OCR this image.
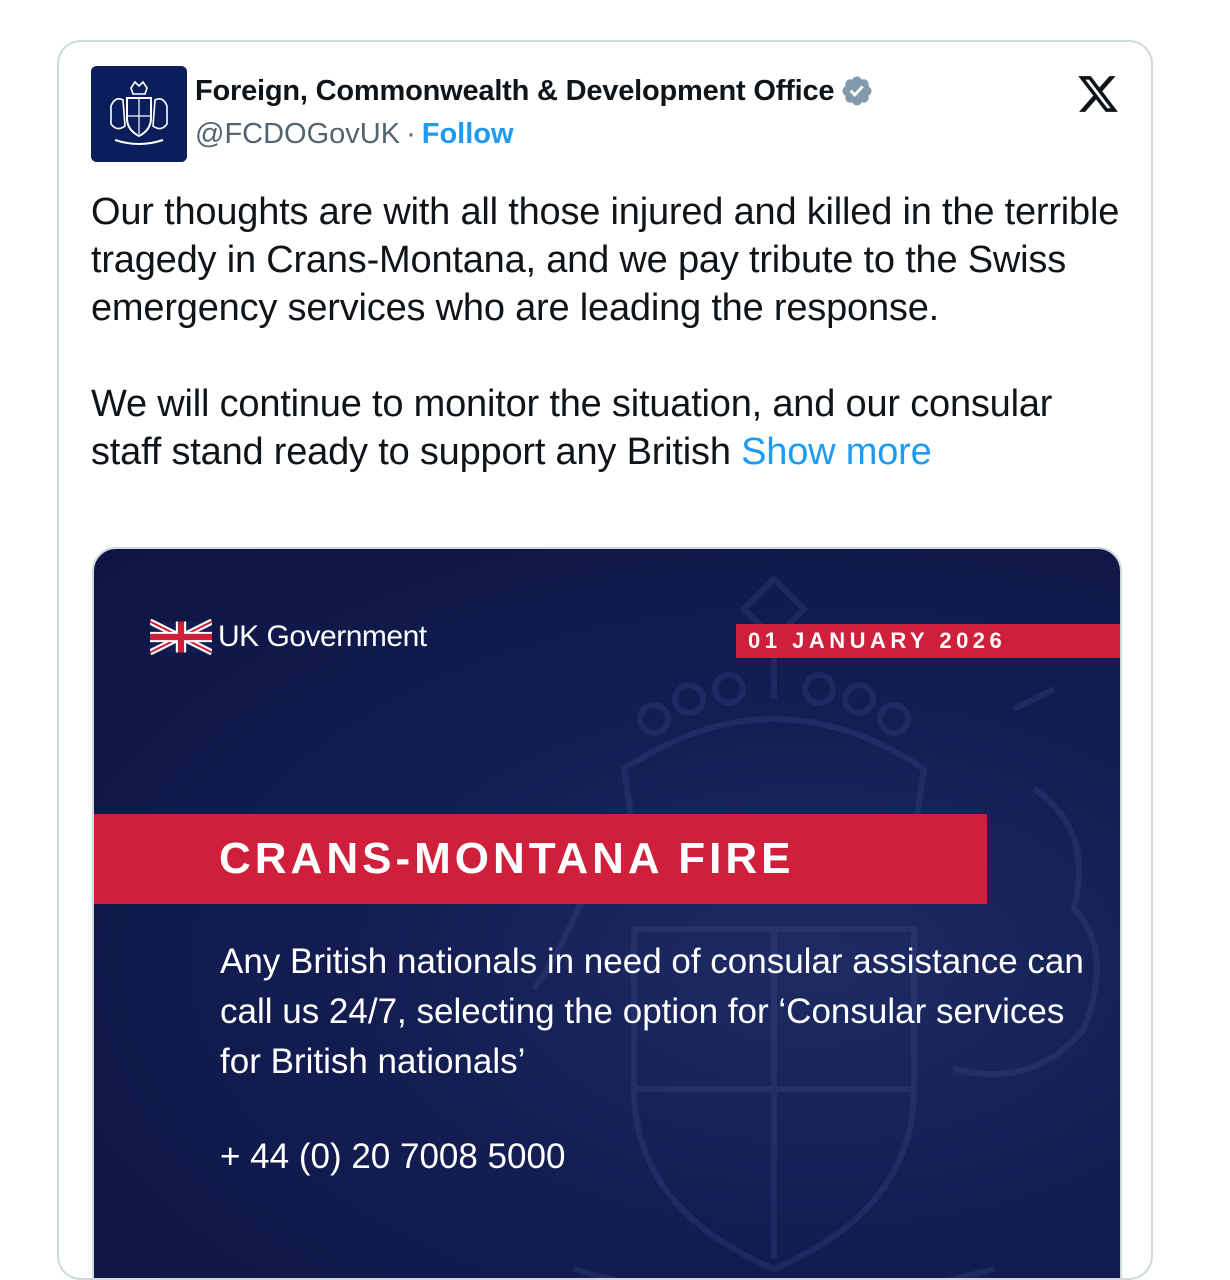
Foreign, Commonwealth & Development Office
@FCDOGovUK · Follow

Our thoughts are with all those injured and killed in the terrible tragedy in Crans-Montana, and we pay tribute to the Swiss emergency services who are leading the response.

We will continue to monitor the situation, and our consular staff stand ready to support any British Show more

UK Government	01 JANUARY 2026
CRANS-MONTANA FIRE
Any British nationals in need of consular assistance can call us 24/7, selecting the option for ‘Consular services for British nationals’
+ 44 (0) 20 7008 5000
